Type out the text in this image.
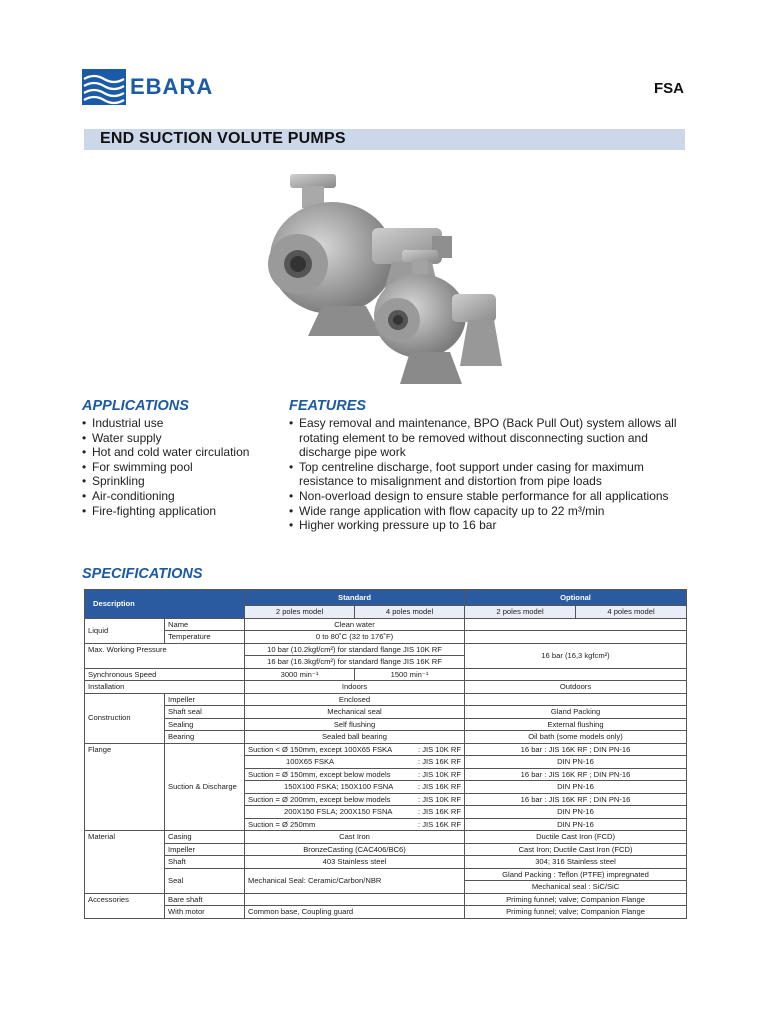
EBARA	FSA
END SUCTION VOLUTE PUMPS
APPLICATIONS
• Industrial use
• Water supply
• Hot and cold water circulation
• For swimming pool
• Sprinkling
• Air-conditioning
• Fire-fighting application
FEATURES
• Easy removal and maintenance, BPO (Back Pull Out) system allows all rotating element to be removed without disconnecting suction and discharge pipe work
• Top centreline discharge, foot support under casing for maximum resistance to misalignment and distortion from pipe loads
• Non-overload design to ensure stable performance for all applications
• Wide range application with flow capacity up to 22 m³/min
• Higher working pressure up to 16 bar
SPECIFICATIONS
Description		Standard		Optional	
		2 poles model	4 poles model	2 poles model	4 poles model
Liquid	Name	Clean water			
	Temperature	0 to 80˚C (32 to 176˚F)			
Max. Working Pressure		10 bar (10.2kgf/cm²) for standard flange JIS 10K RF		16 bar (16,3 kgfcm²)	
		16 bar (16.3kgf/cm²) for standard flange JIS 16K RF			
Synchronous Speed		3000 min⁻¹	1500 min⁻¹		
Installation		Indoors		Outdoors	
Construction	Impeller	Enclosed			
	Shaft seal	Mechanical seal		Gland Packing	
	Sealing	Self flushing		External flushing	
	Bearing	Sealed ball bearing		Oil bath (some models only)	
Flange	Suction & Discharge	Suction < Ø 150mm, except 100X65 FSKA : JIS 10K RF		16 bar : JIS 16K RF ; DIN PN-16	

		100X65 FSKA : JIS 16K RF		DIN PN-16	

		Suction = Ø 150mm, except below models : JIS 10K RF		16 bar : JIS 16K RF ; DIN PN-16	

		150X100 FSKA; 150X100 FSNA : JIS 16K RF		DIN PN-16	

		Suction = Ø 200mm, except below models : JIS 10K RF		16 bar : JIS 16K RF ; DIN PN-16	

		200X150 FSLA; 200X150 FSNA : JIS 16K RF		DIN PN-16	

		Suction = Ø 250mm : JIS 16K RF		DIN PN-16	
Material	Casing	Cast Iron		Ductile Cast Iron (FCD)	
	Impeller	BronzeCasting (CAC406/BC6)		Cast Iron; Ductile Cast Iron (FCD)	
	Shaft	403 Stainless steel		304; 316 Stainless steel	
	Seal	Mechanical Seal: Ceramic/Carbon/NBR		Gland Packing : Teflon (PTFE) impregnated	
				Mechanical seal : SiC/SiC	
Accessories	Bare shaft			Priming funnel; valve; Companion Flange	
	With motor	Common base, Coupling guard		Priming funnel; valve; Companion Flange	
